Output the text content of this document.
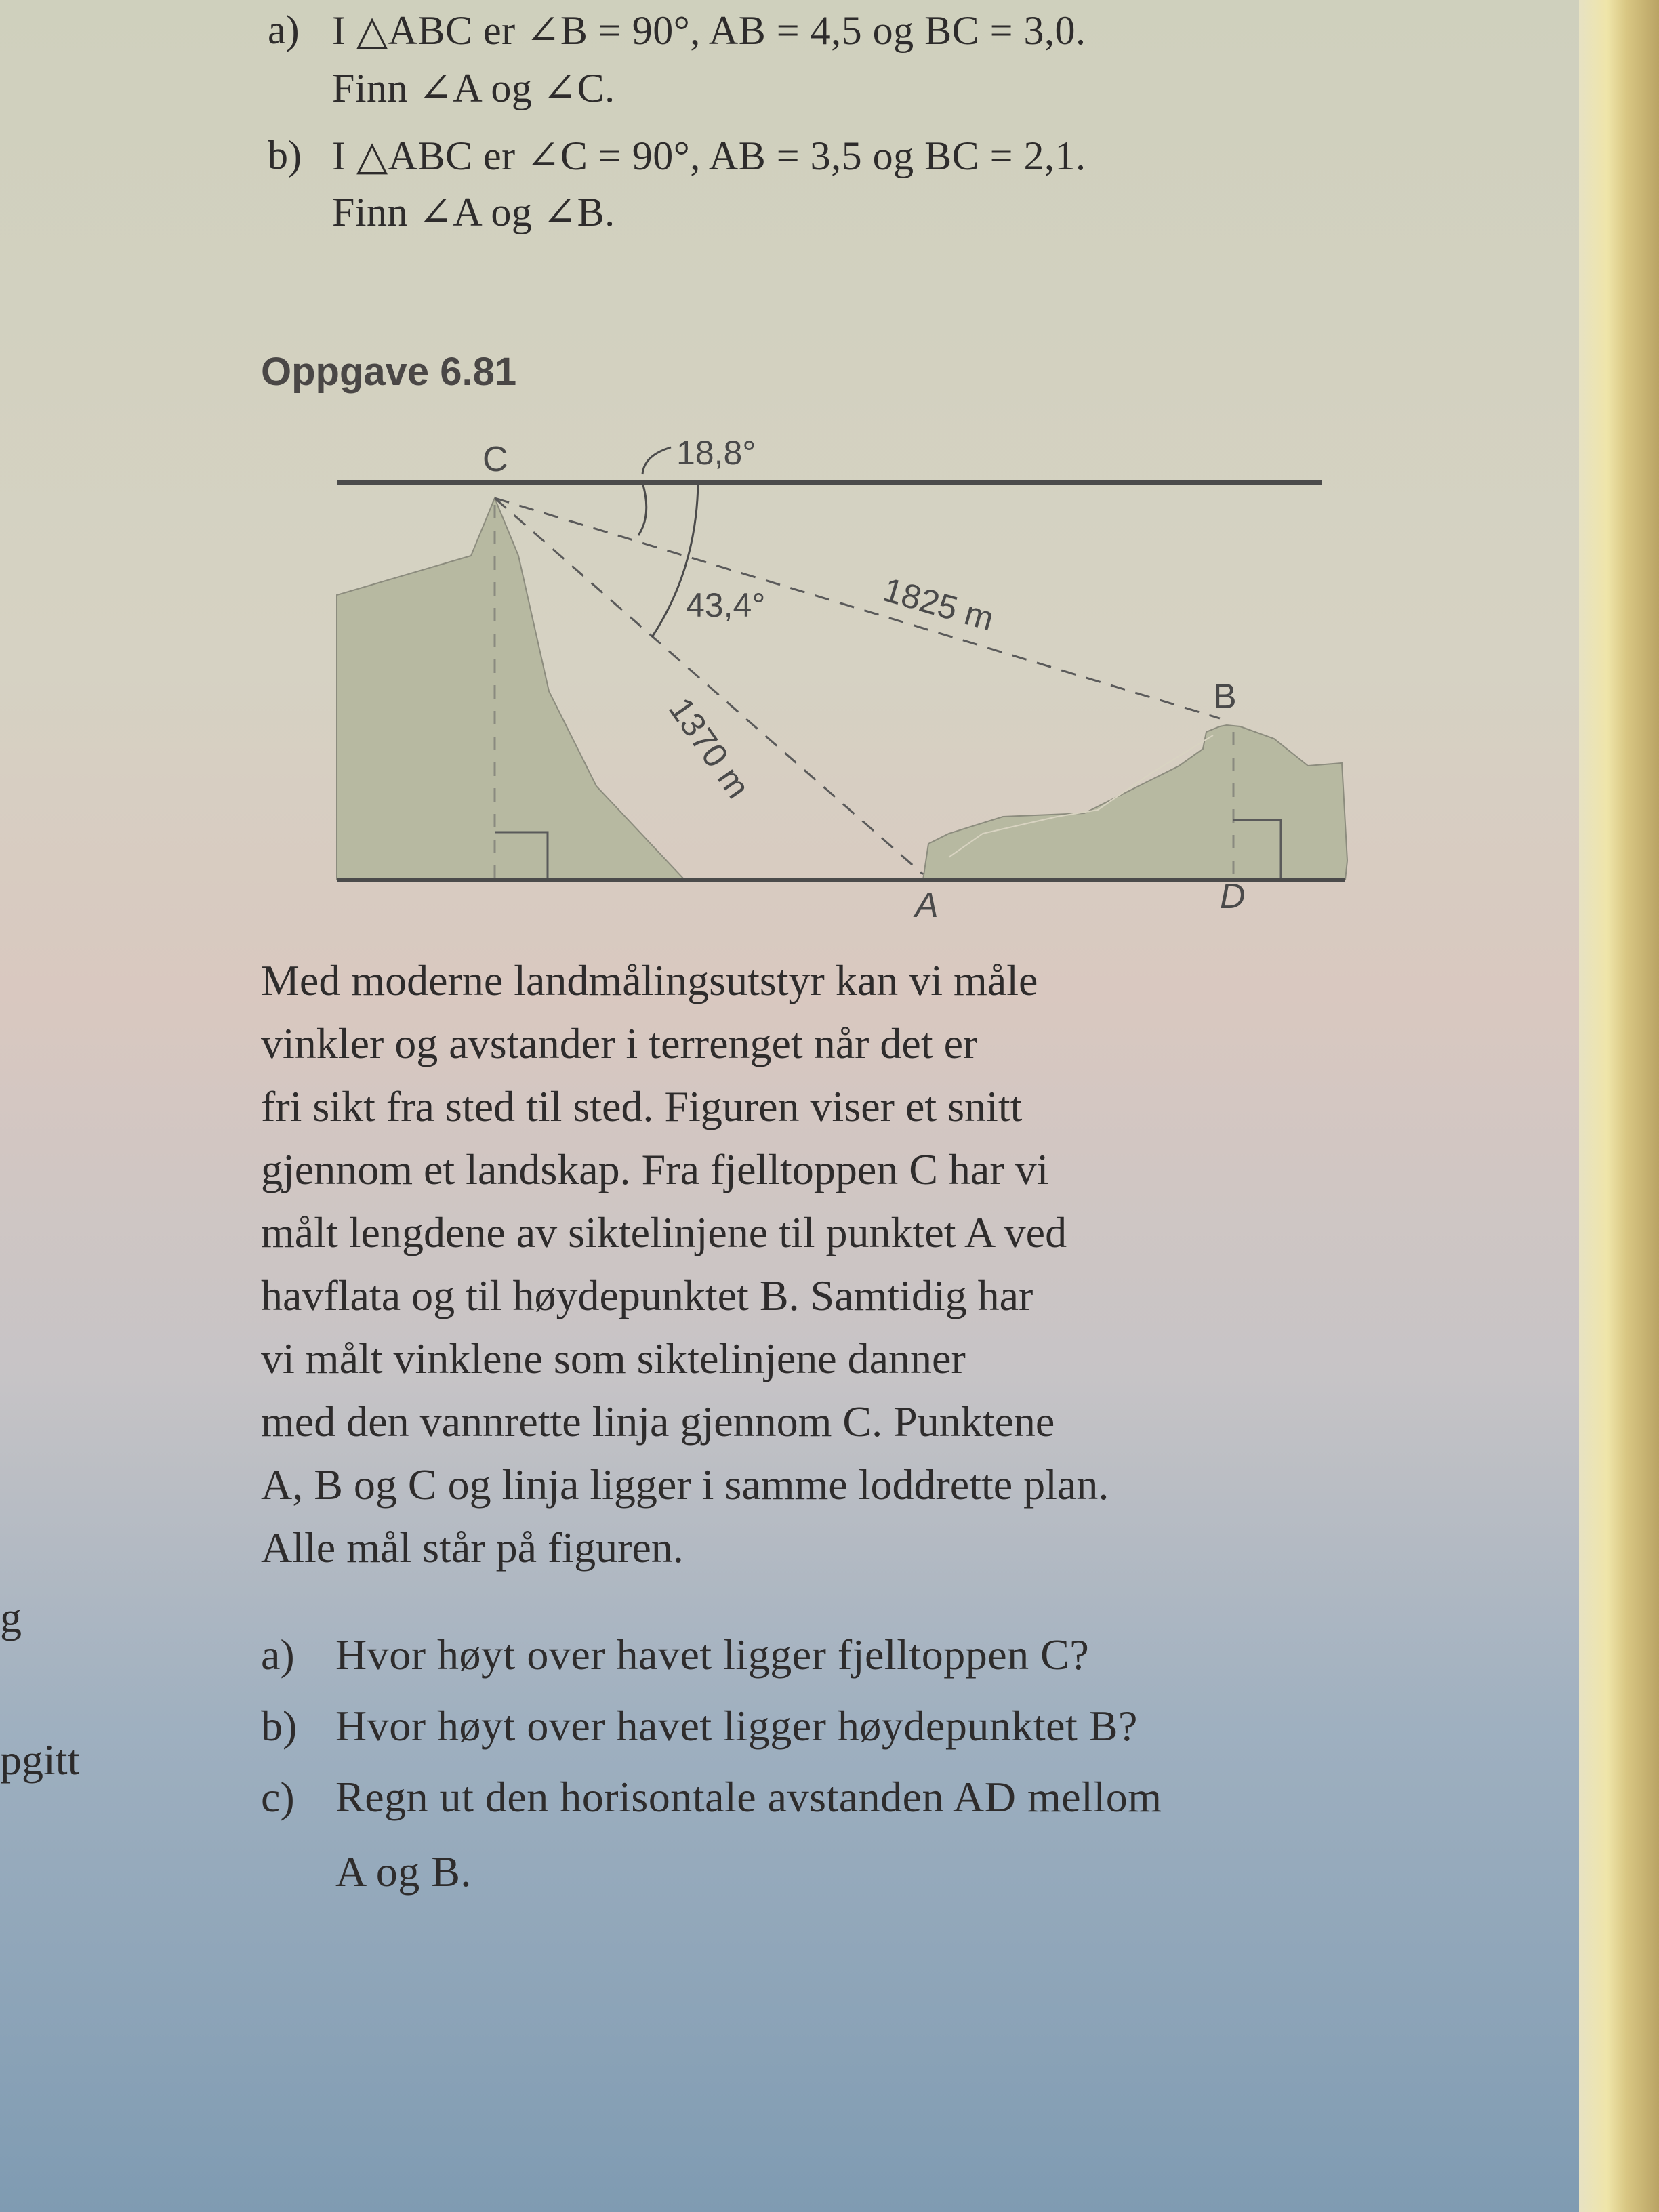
a) I △ABC er ∠B = 90°, AB = 4,5 og BC = 3,0.
Finn ∠A og ∠C.
b) I △ABC er ∠C = 90°, AB = 3,5 og BC = 2,1.
Finn ∠A og ∠B.
Oppgave 6.81
C	18,8°
43,4°	1825 m
1370 m	B
A	D
Med moderne landmålingsutstyr kan vi måle
vinkler og avstander i terrenget når det er
fri sikt fra sted til sted. Figuren viser et snitt
gjennom et landskap. Fra fjelltoppen C har vi
målt lengdene av siktelinjene til punktet A ved
havflata og til høydepunktet B. Samtidig har
vi målt vinklene som siktelinjene danner
med den vannrette linja gjennom C. Punktene
A, B og C og linja ligger i samme loddrette plan.
Alle mål står på figuren.
a) Hvor høyt over havet ligger fjelltoppen C?
b) Hvor høyt over havet ligger høydepunktet B?
c) Regn ut den horisontale avstanden AD mellom
A og B.
g
pgitt
